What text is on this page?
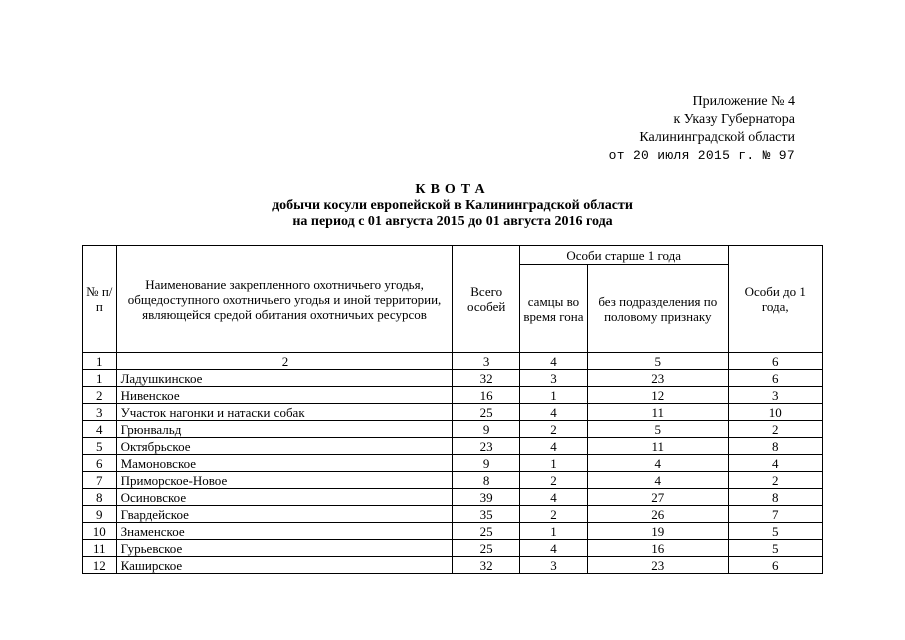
Приложение № 4
к Указу Губернатора
Калининградской области
от 20 июля 2015 г. № 97
КВОТА
добычи косули европейской в Калининградской области
на период с 01 августа 2015 до 01 августа 2016 года
№ п/п	Наименование закрепленного охотничьего угодья, общедоступного охотничьего угодья и иной территории, являющейся средой обитания охотничьих ресурсов	Всего особей	Особи старше 1 года		Особи до 1 года,
			самцы во время гона	без подразделения по половому признаку	
1	2	3	4	5	6
1	Ладушкинское	32	3	23	6
2	Нивенское	16	1	12	3
3	Участок нагонки и натаски собак	25	4	11	10
4	Грюнвальд	9	2	5	2
5	Октябрьское	23	4	11	8
6	Мамоновское	9	1	4	4
7	Приморское-Новое	8	2	4	2
8	Осиновское	39	4	27	8
9	Гвардейское	35	2	26	7
10	Знаменское	25	1	19	5
11	Гурьевское	25	4	16	5
12	Каширское	32	3	23	6
